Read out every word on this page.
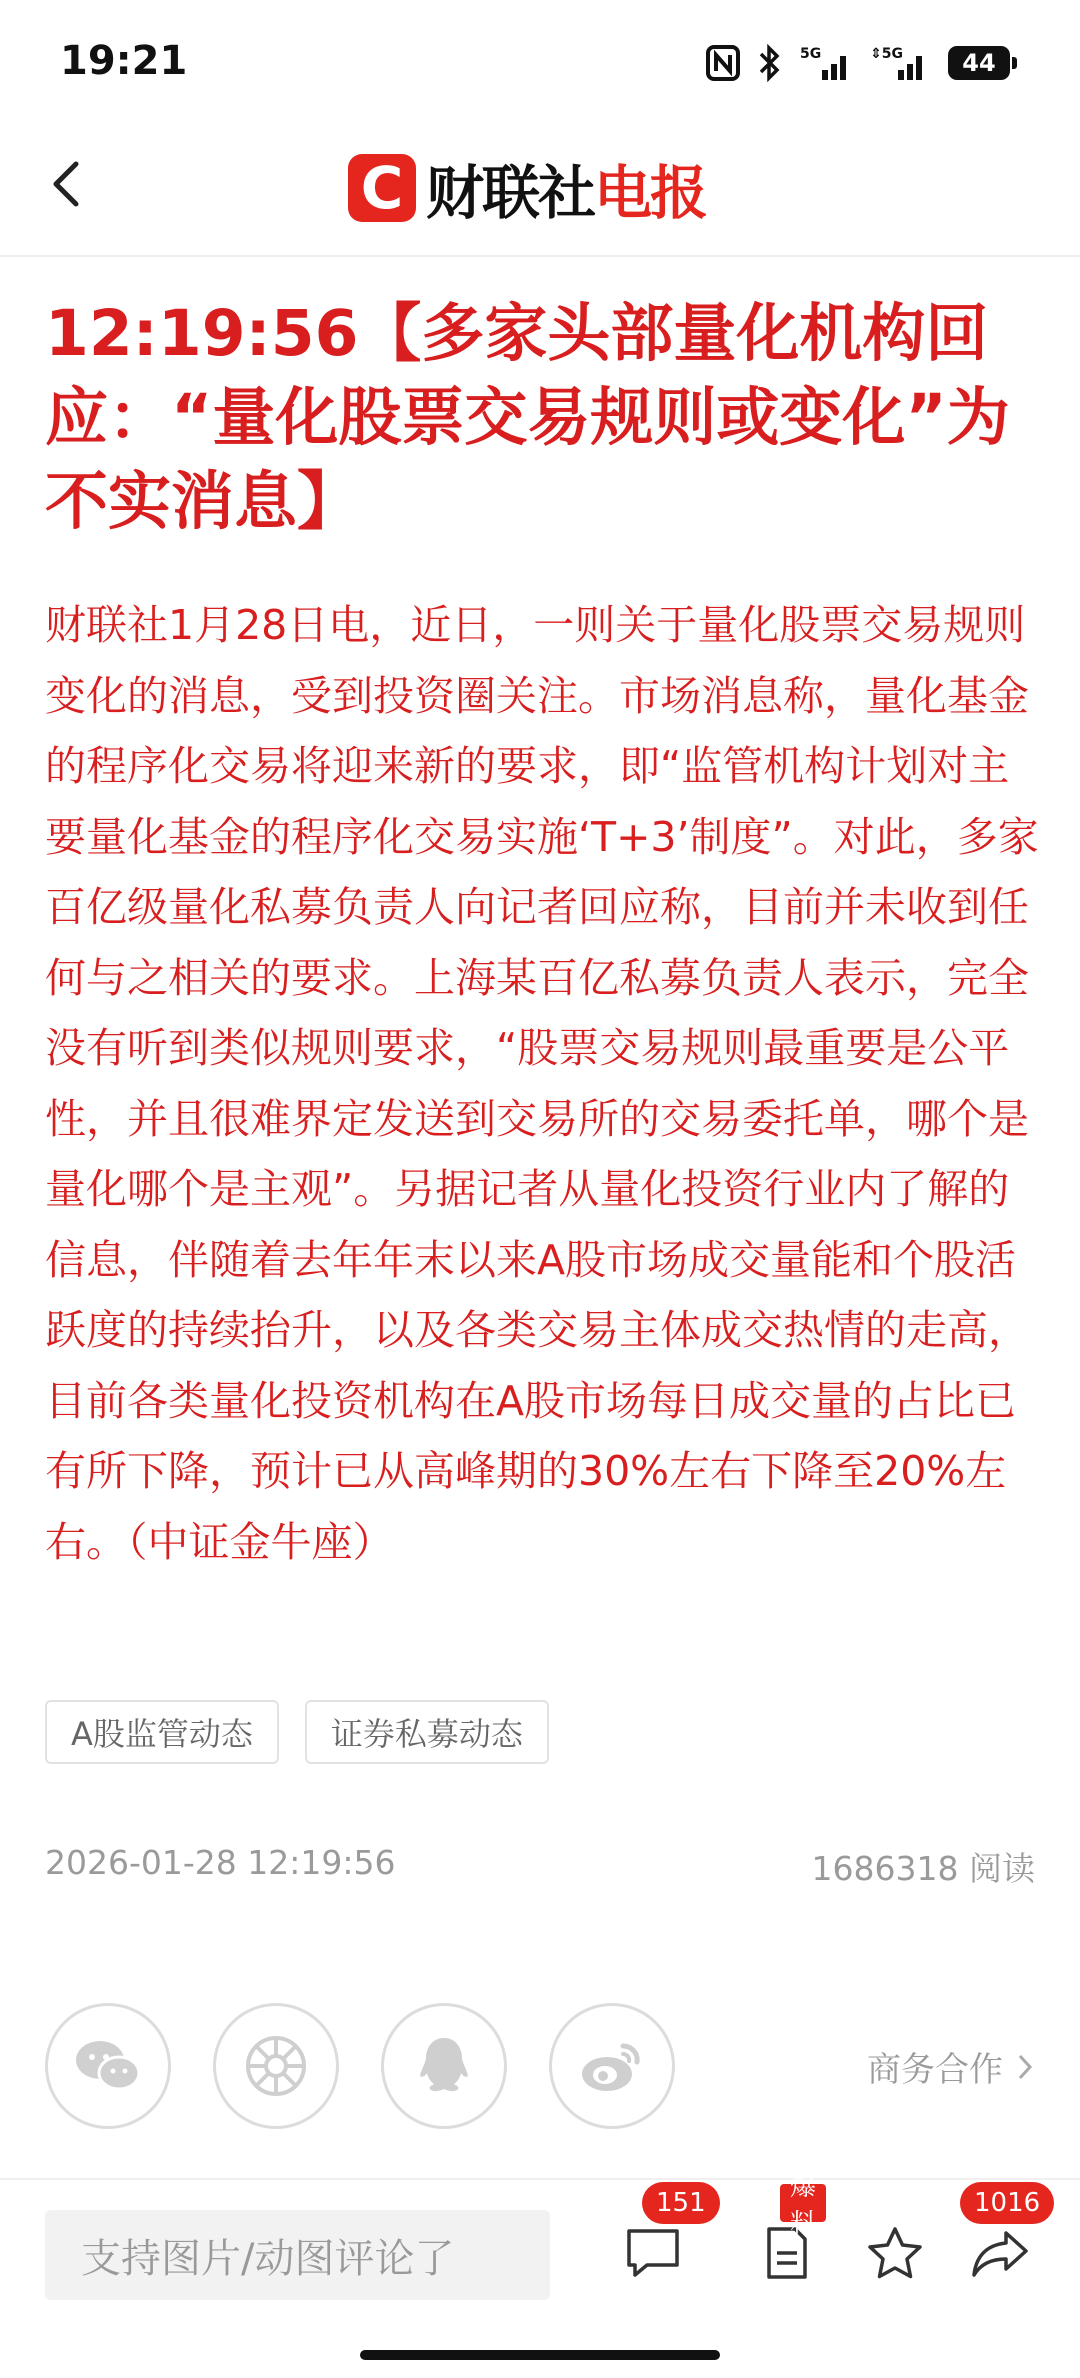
19:21	5G	⇕5G	44
C 财联社电报
12:19:56【多家头部量化机构回应：“量化股票交易规则或变化”为不实消息】
财联社1月28日电，近日，一则关于量化股票交易规则变化的消息，受到投资圈关注。市场消息称，量化基金的程序化交易将迎来新的要求，即“监管机构计划对主要量化基金的程序化交易实施‘T+3’制度”。对此，多家百亿级量化私募负责人向记者回应称，目前并未收到任何与之相关的要求。上海某百亿私募负责人表示，完全没有听到类似规则要求，“股票交易规则最重要是公平性，并且很难界定发送到交易所的交易委托单，哪个是量化哪个是主观”。另据记者从量化投资行业内了解的信息，伴随着去年年末以来A股市场成交量能和个股活跃度的持续抬升，以及各类交易主体成交热情的走高，目前各类量化投资机构在A股市场每日成交量的占比已有所下降，预计已从高峰期的30%左右下降至20%左右。（中证金牛座）
A股监管动态	证券私募动态
2026-01-28 12:19:56	1686318 阅读
商务合作
支持图片/动图评论了
151
爆料
1016
